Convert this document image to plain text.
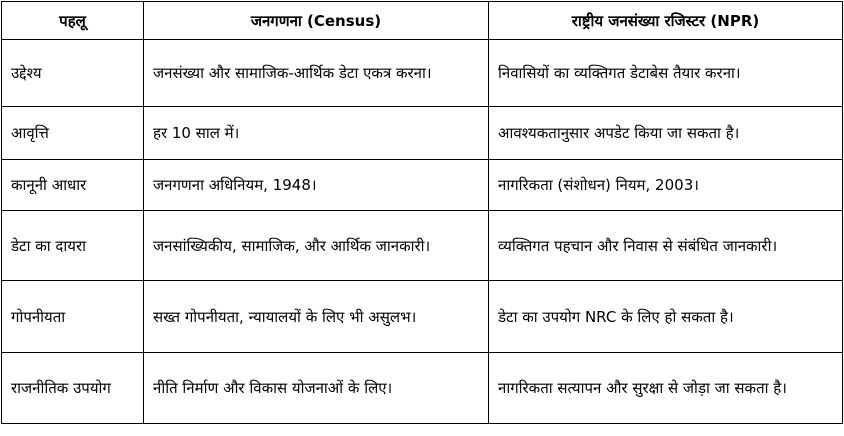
पहलू	जनगणना (Census)	राष्ट्रीय जनसंख्या रजिस्टर (NPR)
उद्देश्य	जनसंख्या और सामाजिक-आर्थिक डेटा एकत्र करना।	निवासियों का व्यक्तिगत डेटाबेस तैयार करना।
आवृत्ति	हर 10 साल में।	आवश्यकतानुसार अपडेट किया जा सकता है।
कानूनी आधार	जनगणना अधिनियम, 1948।	नागरिकता (संशोधन) नियम, 2003।
डेटा का दायरा	जनसांख्यिकीय, सामाजिक, और आर्थिक जानकारी।	व्यक्तिगत पहचान और निवास से संबंधित जानकारी।
गोपनीयता	सख्त गोपनीयता, न्यायालयों के लिए भी असुलभ।	डेटा का उपयोग NRC के लिए हो सकता है।
राजनीतिक उपयोग	नीति निर्माण और विकास योजनाओं के लिए।	नागरिकता सत्यापन और सुरक्षा से जोड़ा जा सकता है।
